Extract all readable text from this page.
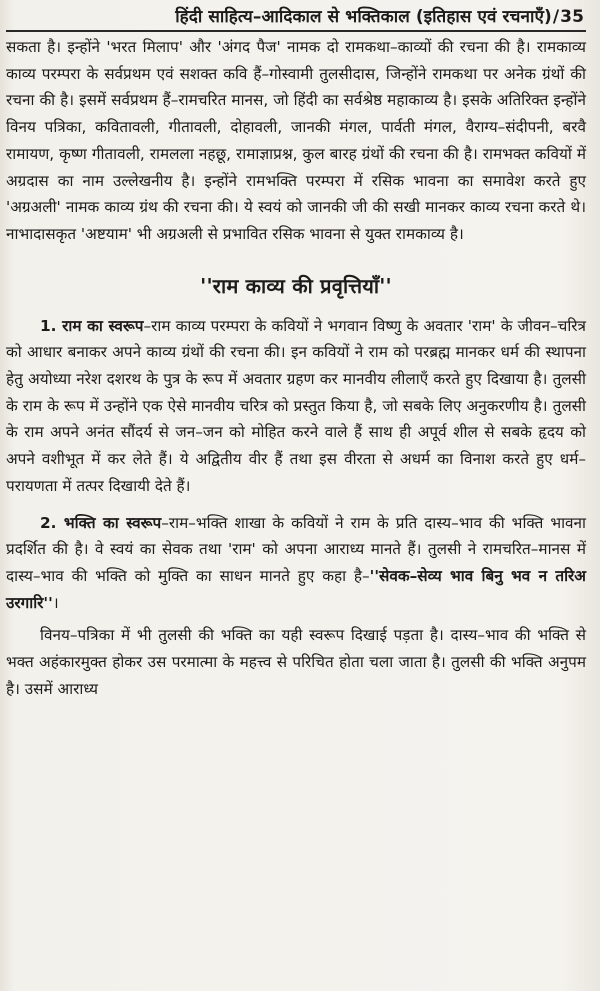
हिंदी साहित्य–आदिकाल से भक्तिकाल (इतिहास एवं रचनाएँ) / 35

सकता है। इन्होंने 'भरत मिलाप' और 'अंगद पैज' नामक दो रामकथा–काव्यों की रचना की है। रामकाव्य काव्य परम्परा के सर्वप्रथम एवं सशक्त कवि हैं–गोस्वामी तुलसीदास, जिन्होंने रामकथा पर अनेक ग्रंथों की रचना की है। इसमें सर्वप्रथम हैं–रामचरित मानस, जो हिंदी का सर्वश्रेष्ठ महाकाव्य है। इसके अतिरिक्त इन्होंने विनय पत्रिका, कवितावली, गीतावली, दोहावली, जानकी मंगल, पार्वती मंगल, वैराग्य–संदीपनी, बरवै रामायण, कृष्ण गीतावली, रामलला नहछू, रामाज्ञाप्रश्न, कुल बारह ग्रंथों की रचना की है। रामभक्त कवियों में अग्रदास का नाम उल्लेखनीय है। इन्होंने रामभक्ति परम्परा में रसिक भावना का समावेश करते हुए 'अग्रअली' नामक काव्य ग्रंथ की रचना की। ये स्वयं को जानकी जी की सखी मानकर काव्य रचना करते थे। नाभादासकृत 'अष्टयाम' भी अग्रअली से प्रभावित रसिक भावना से युक्त रामकाव्य है।

''राम काव्य की प्रवृत्तियाँ''

1. राम का स्वरूप–राम काव्य परम्परा के कवियों ने भगवान विष्णु के अवतार 'राम' के जीवन–चरित्र को आधार बनाकर अपने काव्य ग्रंथों की रचना की। इन कवियों ने राम को परब्रह्म मानकर धर्म की स्थापना हेतु अयोध्या नरेश दशरथ के पुत्र के रूप में अवतार ग्रहण कर मानवीय लीलाएँ करते हुए दिखाया है। तुलसी के राम के रूप में उन्होंने एक ऐसे मानवीय चरित्र को प्रस्तुत किया है, जो सबके लिए अनुकरणीय है। तुलसी के राम अपने अनंत सौंदर्य से जन–जन को मोहित करने वाले हैं साथ ही अपूर्व शील से सबके हृदय को अपने वशीभूत में कर लेते हैं। ये अद्वितीय वीर हैं तथा इस वीरता से अधर्म का विनाश करते हुए धर्म–परायणता में तत्पर दिखायी देते हैं।

2. भक्ति का स्वरूप–राम–भक्ति शाखा के कवियों ने राम के प्रति दास्य–भाव की भक्ति भावना प्रदर्शित की है। वे स्वयं का सेवक तथा 'राम' को अपना आराध्य मानते हैं। तुलसी ने रामचरित–मानस में दास्य–भाव की भक्ति को मुक्ति का साधन मानते हुए कहा है–''सेवक–सेव्य भाव बिनु भव न तरिअ उरगारि''।

विनय–पत्रिका में भी तुलसी की भक्ति का यही स्वरूप दिखाई पड़ता है। दास्य–भाव की भक्ति से भक्त अहंकारमुक्त होकर उस परमात्मा के महत्त्व से परिचित होता चला जाता है। तुलसी की भक्ति अनुपम है। उसमें आराध्य
